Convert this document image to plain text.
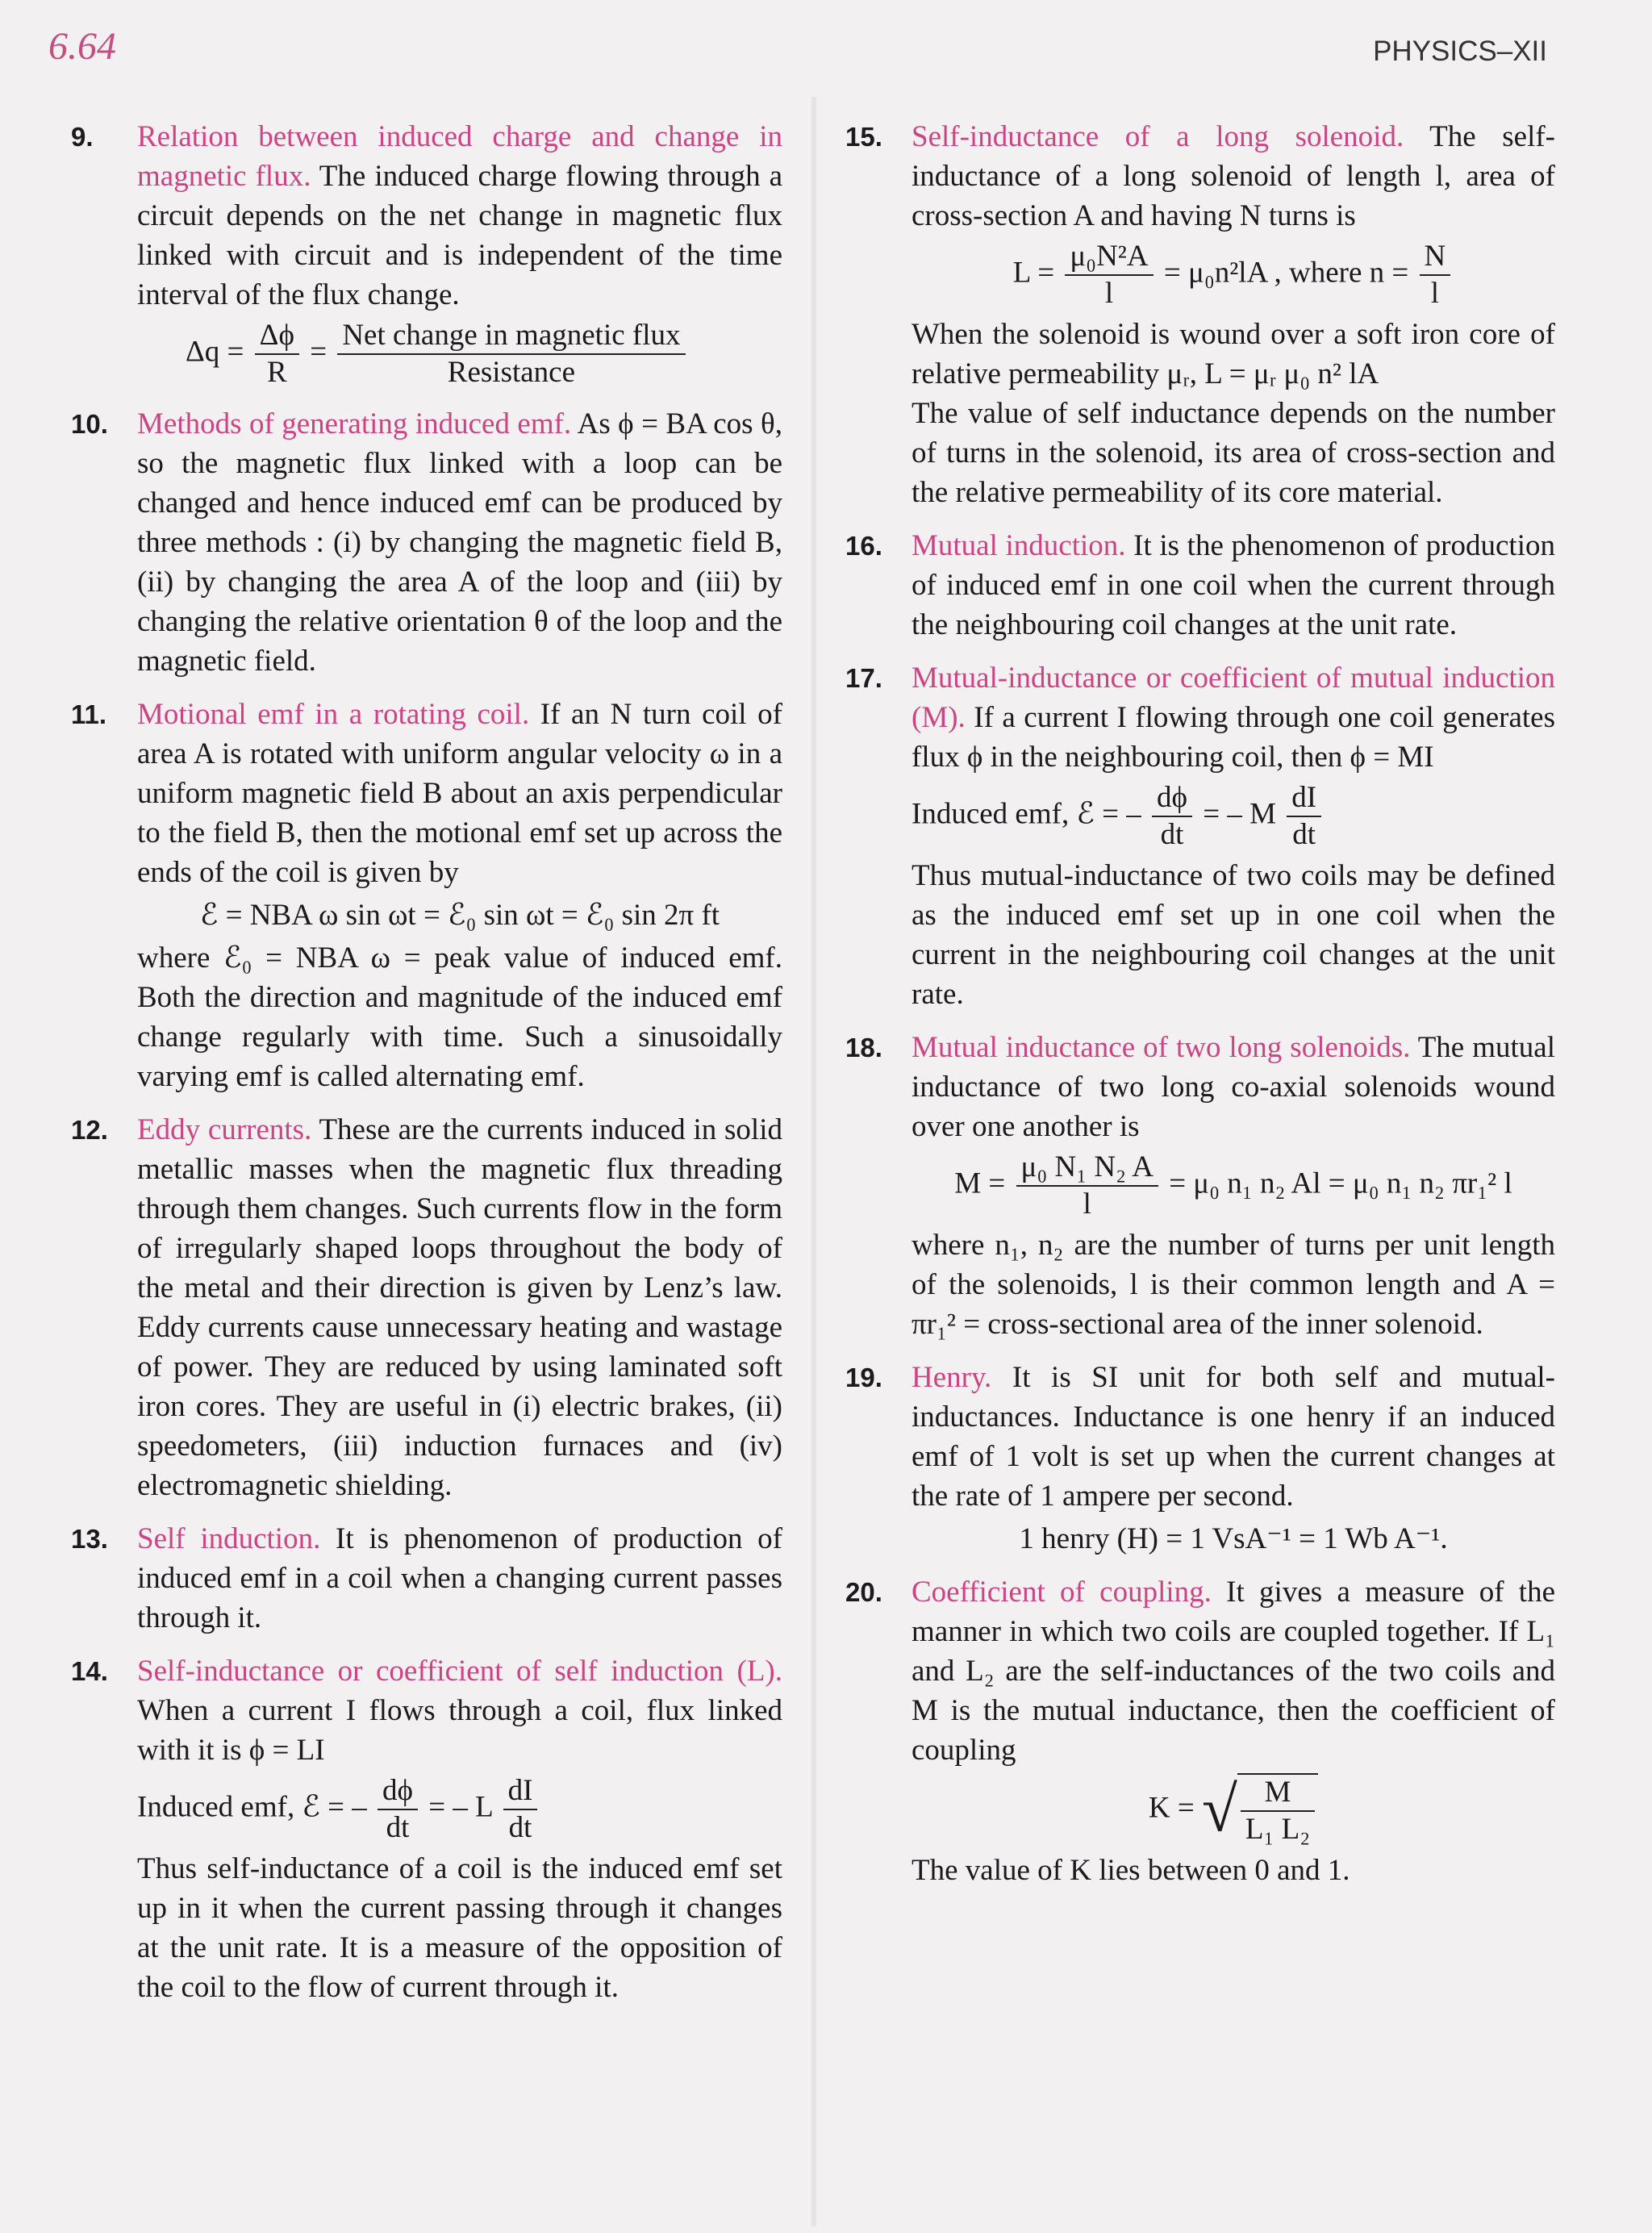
6.64	PHYSICS–XII
9. Relation between induced charge and change in magnetic flux. The induced charge flowing through a circuit depends on the net change in magnetic flux linked with circuit and is independent of the time interval of the flux change.
$\Delta q = \frac{\Delta\phi}{R} = \frac{\text{Net change in magnetic flux}}{\text{Resistance}}$
10. Methods of generating induced emf. As ϕ = BA cos θ, so the magnetic flux linked with a loop can be changed and hence induced emf can be produced by three methods : (i) by changing the magnetic field B, (ii) by changing the area A of the loop and (iii) by changing the relative orientation θ of the loop and the magnetic field.
11. Motional emf in a rotating coil. If an N turn coil of area A is rotated with uniform angular velocity ω in a uniform magnetic field B about an axis perpendicular to the field B, then the motional emf set up across the ends of the coil is given by
ℰ = NBA ω sin ωt = ℰ₀ sin ωt = ℰ₀ sin 2π ft
where ℰ₀ = NBA ω = peak value of induced emf. Both the direction and magnitude of the induced emf change regularly with time. Such a sinusoidally varying emf is called alternating emf.
12. Eddy currents. These are the currents induced in solid metallic masses when the magnetic flux threading through them changes. Such currents flow in the form of irregularly shaped loops throughout the body of the metal and their direction is given by Lenz’s law. Eddy currents cause unnecessary heating and wastage of power. They are reduced by using laminated soft iron cores. They are useful in (i) electric brakes, (ii) speedometers, (iii) induction furnaces and (iv) electromagnetic shielding.
13. Self induction. It is phenomenon of production of induced emf in a coil when a changing current passes through it.
14. Self-inductance or coefficient of self induction (L). When a current I flows through a coil, flux linked with it is ϕ = LI
Induced emf, ℰ = – $\frac{d\phi}{dt}$ = – L $\frac{dI}{dt}$
Thus self-inductance of a coil is the induced emf set up in it when the current passing through it changes at the unit rate. It is a measure of the opposition of the coil to the flow of current through it.
15. Self-inductance of a long solenoid. The self-inductance of a long solenoid of length l, area of cross-section A and having N turns is
$L = \frac{\text{μ₀N²A}}{l} = \mu_0n^2lA$ , where $n = \frac{N}{l}$
When the solenoid is wound over a soft iron core of relative permeability μᵣ, L = μᵣ μ₀ n² lA
The value of self inductance depends on the number of turns in the solenoid, its area of cross-section and the relative permeability of its core material.
16. Mutual induction. It is the phenomenon of production of induced emf in one coil when the current through the neighbouring coil changes at the unit rate.
17. Mutual-inductance or coefficient of mutual induction (M). If a current I flowing through one coil generates flux ϕ in the neighbouring coil, then ϕ = MI
Induced emf, ℰ = – $\frac{d\phi}{dt}$ = – M $\frac{dI}{dt}$
Thus mutual-inductance of two coils may be defined as the induced emf set up in one coil when the current in the neighbouring coil changes at the unit rate.
18. Mutual inductance of two long solenoids. The mutual inductance of two long co-axial solenoids wound over one another is
$M = \frac{\text{μ₀ N₁ N₂ A}}{l} = \mu_0$ n₁ n₂ Al = μ₀ n₁ n₂ πr₁² l
where n₁, n₂ are the number of turns per unit length of the solenoids, l is their common length and A = πr₁² = cross-sectional area of the inner solenoid.
19. Henry. It is SI unit for both self and mutual-inductances. Inductance is one henry if an induced emf of 1 volt is set up when the current changes at the rate of 1 ampere per second.
1 henry (H) = 1 VsA⁻¹ = 1 Wb A⁻¹.
20. Coefficient of coupling. It gives a measure of the manner in which two coils are coupled together. If L₁ and L₂ are the self-inductances of the two coils and M is the mutual inductance, then the coefficient of coupling
K = √ $\frac{M}{\text{L₁ L₂}}$
The value of K lies between 0 and 1.
